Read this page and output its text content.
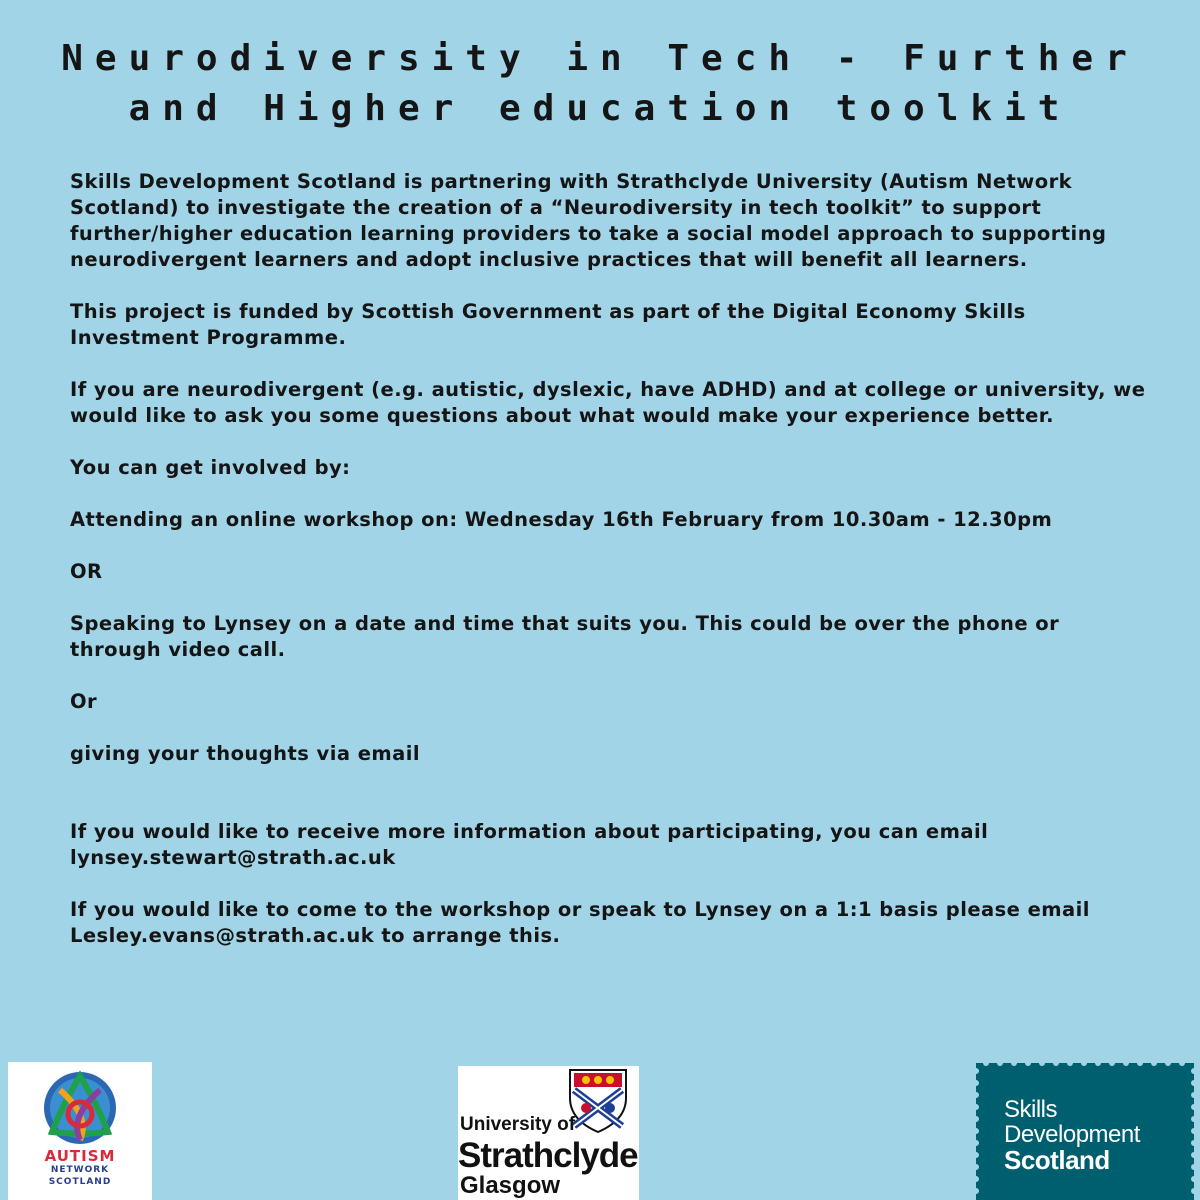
Neurodiversity in Tech - Further
and Higher education toolkit

Skills Development Scotland is partnering with Strathclyde University (Autism Network Scotland) to investigate the creation of a “Neurodiversity in tech toolkit” to support further/higher education learning providers to take a social model approach to supporting neurodivergent learners and adopt inclusive practices that will benefit all learners.

This project is funded by Scottish Government as part of the Digital Economy Skills Investment Programme.

If you are neurodivergent (e.g. autistic, dyslexic, have ADHD) and at college or university, we would like to ask you some questions about what would make your experience better.

You can get involved by:

Attending an online workshop on: Wednesday 16th February from 10.30am - 12.30pm

OR

Speaking to Lynsey on a date and time that suits you. This could be over the phone or through video call.

Or

giving your thoughts via email

If you would like to receive more information about participating, you can email lynsey.stewart@strath.ac.uk

If you would like to come to the workshop or speak to Lynsey on a 1:1 basis please email Lesley.evans@strath.ac.uk to arrange this.

AUTISM
NETWORK
SCOTLAND
University of
Strathclyde
Glasgow
Skills
Development
Scotland
